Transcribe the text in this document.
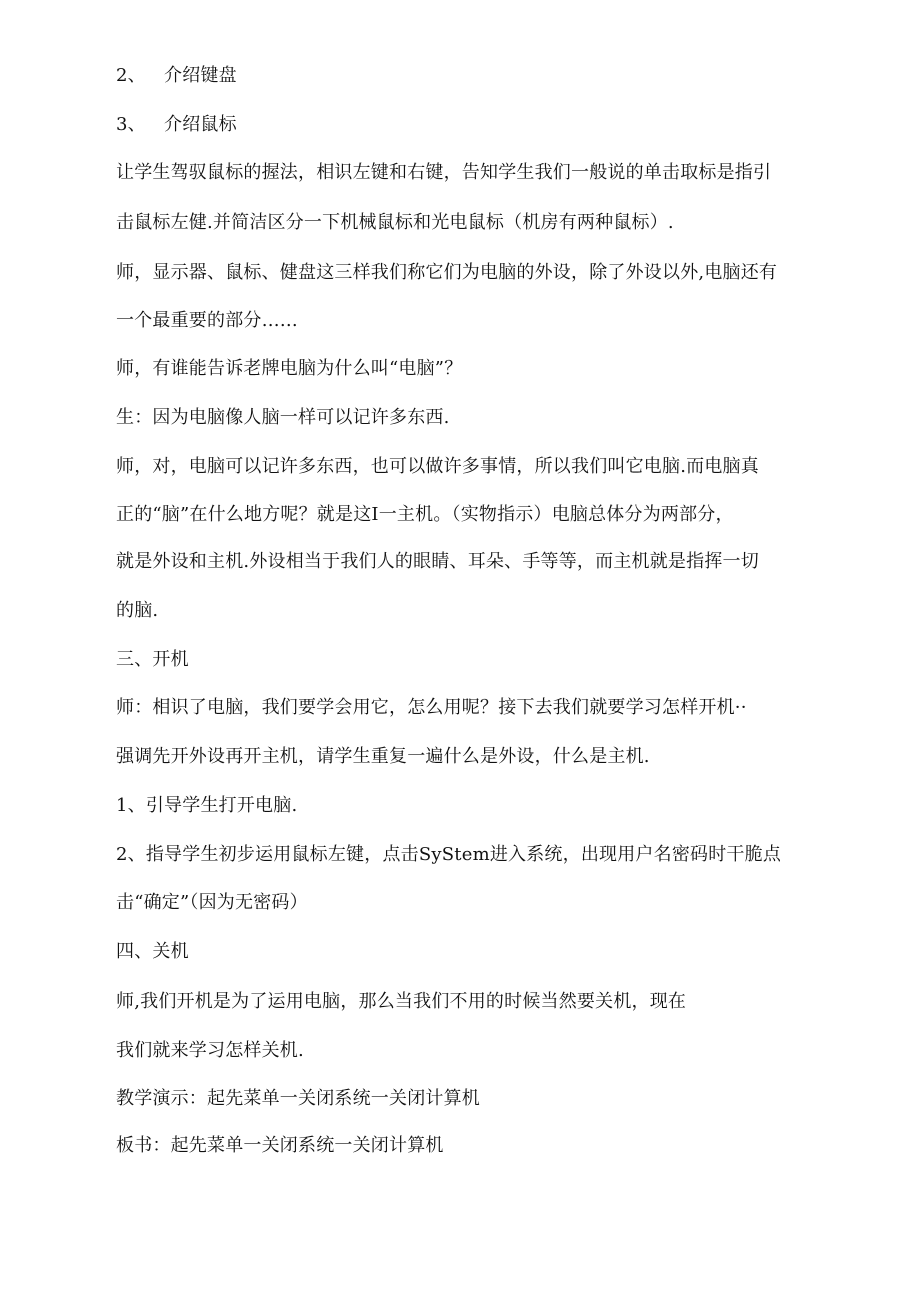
2、 介绍键盘
3、 介绍鼠标
让学生驾驭鼠标的握法，相识左键和右键，告知学生我们一般说的单击取标是指引
击鼠标左健.并简洁区分一下机械鼠标和光电鼠标（机房有两种鼠标）.
师，显示器、鼠标、健盘这三样我们称它们为电脑的外设，除了外设以外,电脑还有
一个最重要的部分……
师，有谁能告诉老牌电脑为什么叫“电脑”？
生：因为电脑像人脑一样可以记许多东西.
师，对，电脑可以记许多东西，也可以做许多事情，所以我们叫它电脑.而电脑真
正的“脑”在什么地方呢？就是这I一主机。（实物指示）电脑总体分为两部分，
就是外设和主机.外设相当于我们人的眼睛、耳朵、手等等，而主机就是指挥一切
的脑.
三、开机
师：相识了电脑，我们要学会用它，怎么用呢？接下去我们就要学习怎样开机··
强调先开外设再开主机，请学生重复一遍什么是外设，什么是主机.
1、引导学生打开电脑.
2、指导学生初步运用鼠标左键，点击SyStem进入系统，出现用户名密码时干脆点
击“确定”（因为无密码）
四、关机
师,我们开机是为了运用电脑，那么当我们不用的时候当然要关机，现在
我们就来学习怎样关机.
教学演示：起先菜单一关闭系统一关闭计算机
板书：起先菜单一关闭系统一关闭计算机
